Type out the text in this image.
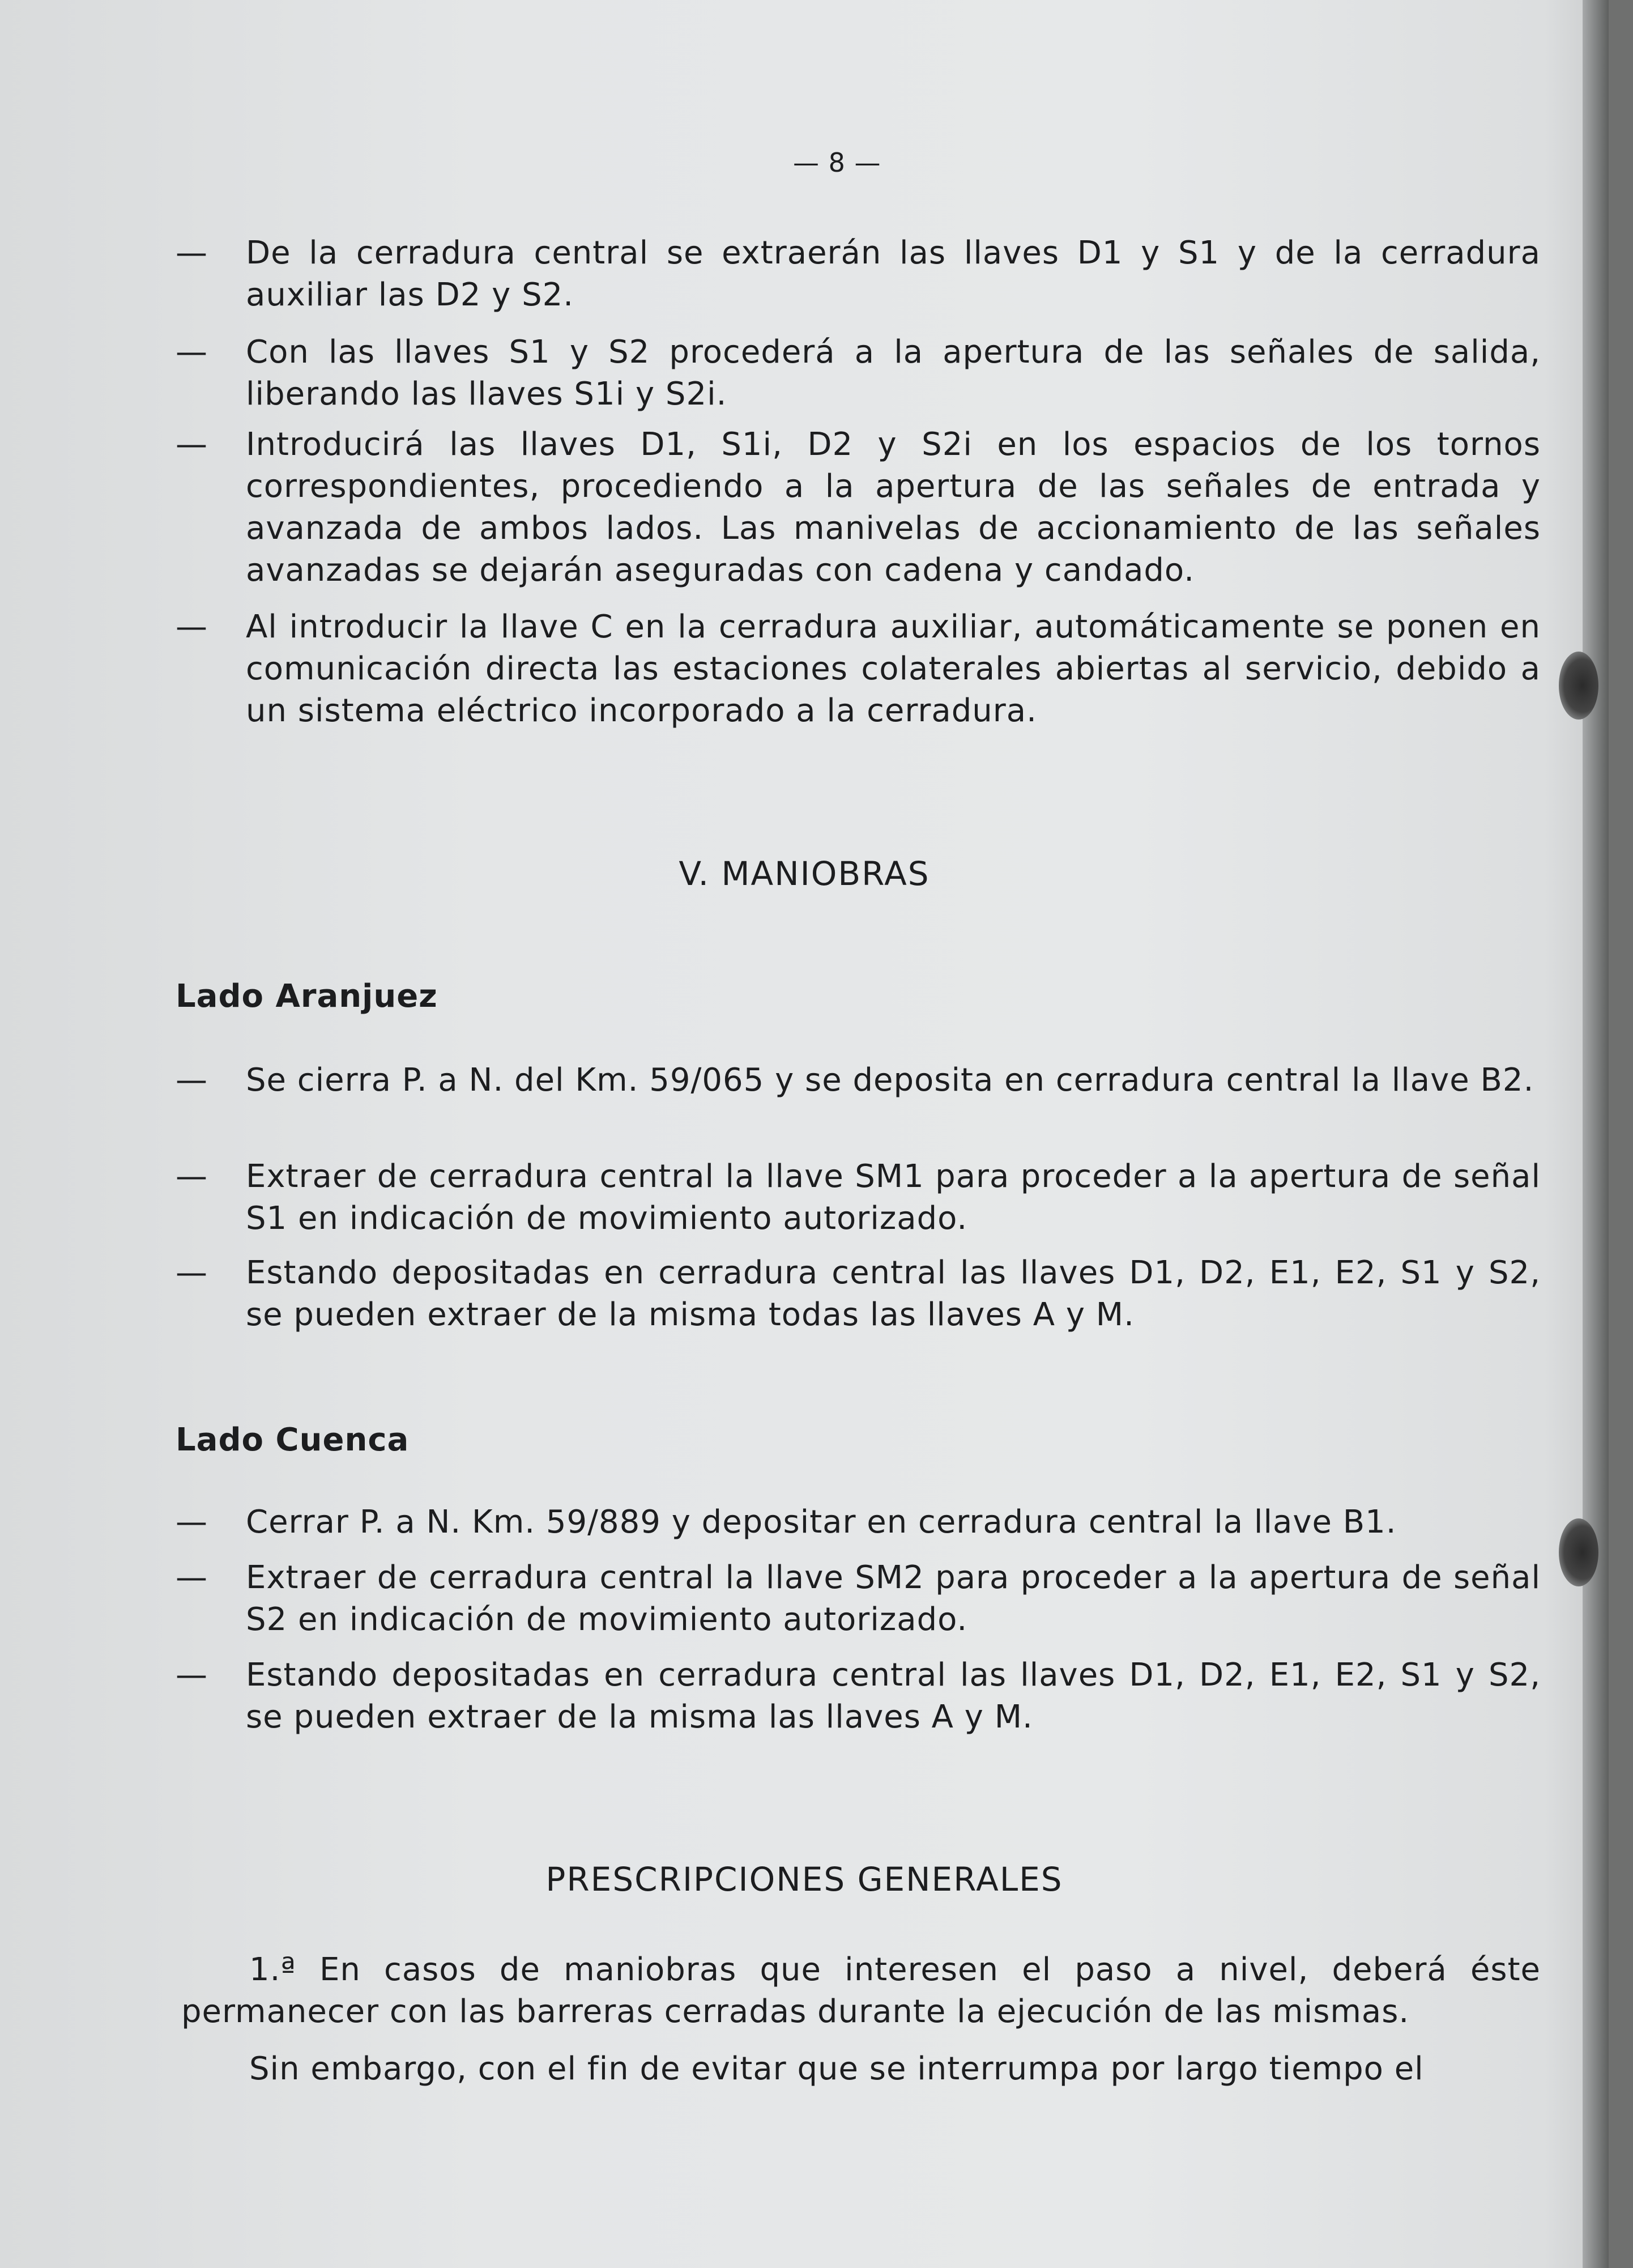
— 8 —
—	De la cerradura central se extraerán las llaves D1 y S1 y de la cerradura auxiliar las D2 y S2.
—	Con las llaves S1 y S2 procederá a la apertura de las señales de salida, liberando las llaves S1i y S2i.
—	Introducirá las llaves D1, S1i, D2 y S2i en los espacios de los tornos correspondientes, procediendo a la apertura de las señales de entrada y avanzada de ambos lados. Las manivelas de accionamiento de las señales avanzadas se dejarán aseguradas con cadena y candado.
—	Al introducir la llave C en la cerradura auxiliar, automáticamente se ponen en comunicación directa las estaciones colaterales abiertas al servicio, debido a un sistema eléctrico incorporado a la cerradura.
V. MANIOBRAS
Lado Aranjuez
—	Se cierra P. a N. del Km. 59/065 y se deposita en cerradura central la llave B2.
—	Extraer de cerradura central la llave SM1 para proceder a la apertura de señal S1 en indicación de movimiento autorizado.
—	Estando depositadas en cerradura central las llaves D1, D2, E1, E2, S1 y S2, se pueden extraer de la misma todas las llaves A y M.
Lado Cuenca
—	Cerrar P. a N. Km. 59/889 y depositar en cerradura central la llave B1.
—	Extraer de cerradura central la llave SM2 para proceder a la apertura de señal S2 en indicación de movimiento autorizado.
—	Estando depositadas en cerradura central las llaves D1, D2, E1, E2, S1 y S2, se pueden extraer de la misma las llaves A y M.
PRESCRIPCIONES GENERALES
1.ª En casos de maniobras que interesen el paso a nivel, deberá éste permanecer con las barreras cerradas durante la ejecución de las mismas.
Sin embargo, con el fin de evitar que se interrumpa por largo tiempo el
